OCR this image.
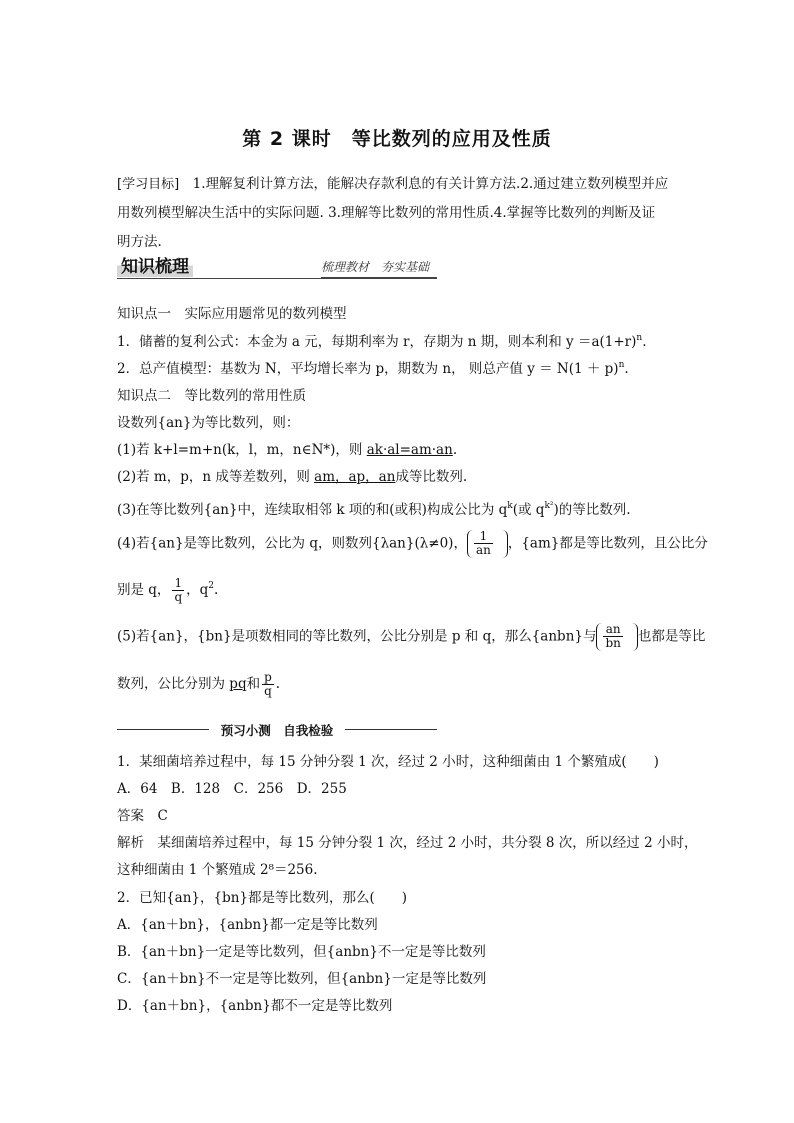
第 2 课时　等比数列的应用及性质
[学习目标]　 1.理解复利计算方法，能解决存款利息的有关计算方法.2.通过建立数列模型并应
用数列模型解决生活中的实际问题. 3.理解等比数列的常用性质.4.掌握等比数列的判断及证
明方法.
知识梳理	梳理教材　夯实基础
知识点一　实际应用题常见的数列模型
1．储蓄的复利公式：本金为 a 元，每期利率为 r，存期为 n 期，则本利和 $y =a(1+r)^n$.
2．总产值模型：基数为 N，平均增长率为 p，期数为 n， 则总产值 $y = N(1 + p)^n$.
知识点二　等比数列的常用性质
设数列{an}为等比数列，则：
(1)若 k+l=m+n(k，l，m，n∈N*)，则 ak·al=am·an.
(2)若 m，p，n 成等差数列，则 am，ap，an成等比数列.
(3)在等比数列{an}中，连续取相邻 k 项的和(或积)构成公比为 $q^k$(或 $q^{k^2}$)的等比数列.
(4)若{an}是等比数列，公比为 q，则数列{λan}(λ≠0)， $\frac{1}{an}$ ，{am}都是等比数列，且公比分
别是 q， $\frac{1}{q}$ ，$q^2$.
(5)若{an}，{bn}是项数相同的等比数列，公比分别是 p 和 q，那么{anbn}与 $\frac{an}{bn}$ 也都是等比
数列，公比分别为 pq和 $\frac{p}{q}$ .
预习小测　自我检验
1．某细菌培养过程中，每 15 分钟分裂 1 次，经过 2 小时，这种细菌由 1 个繁殖成(　　)
A．64　B．128　C．256　D．255
答案　C
解析　某细菌培养过程中，每 15 分钟分裂 1 次，经过 2 小时，共分裂 8 次，所以经过 2 小时，
这种细菌由 1 个繁殖成 2⁸＝256.
2．已知{an}，{bn}都是等比数列，那么(　　)
A．{an＋bn}，{anbn}都一定是等比数列
B．{an＋bn}一定是等比数列，但{anbn}不一定是等比数列
C．{an＋bn}不一定是等比数列，但{anbn}一定是等比数列
D．{an＋bn}，{anbn}都不一定是等比数列
